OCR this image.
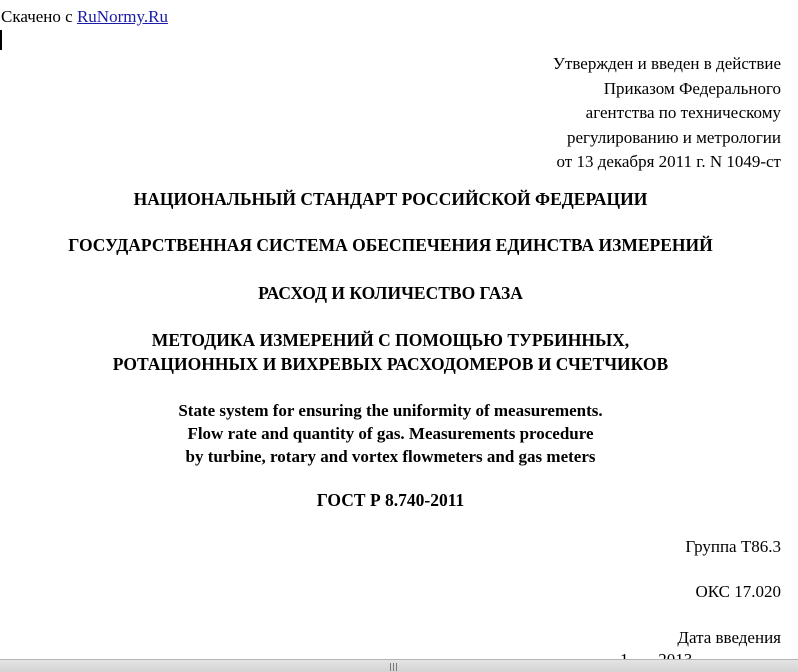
Скачено с RuNormy.Ru
Утвержден и введен в действие
Приказом Федерального
агентства по техническому
регулированию и метрологии
от 13 декабря 2011 г. N 1049-ст
НАЦИОНАЛЬНЫЙ СТАНДАРТ РОССИЙСКОЙ ФЕДЕРАЦИИ
ГОСУДАРСТВЕННАЯ СИСТЕМА ОБЕСПЕЧЕНИЯ ЕДИНСТВА ИЗМЕРЕНИЙ
РАСХОД И КОЛИЧЕСТВО ГАЗА
МЕТОДИКА ИЗМЕРЕНИЙ С ПОМОЩЬЮ ТУРБИННЫХ,
РОТАЦИОННЫХ И ВИХРЕВЫХ РАСХОДОМЕРОВ И СЧЕТЧИКОВ
State system for ensuring the uniformity of measurements.
Flow rate and quantity of gas. Measurements procedure
by turbine, rotary and vortex flowmeters and gas meters
ГОСТ Р 8.740-2011
Группа Т86.3
ОКС 17.020
Дата введения
